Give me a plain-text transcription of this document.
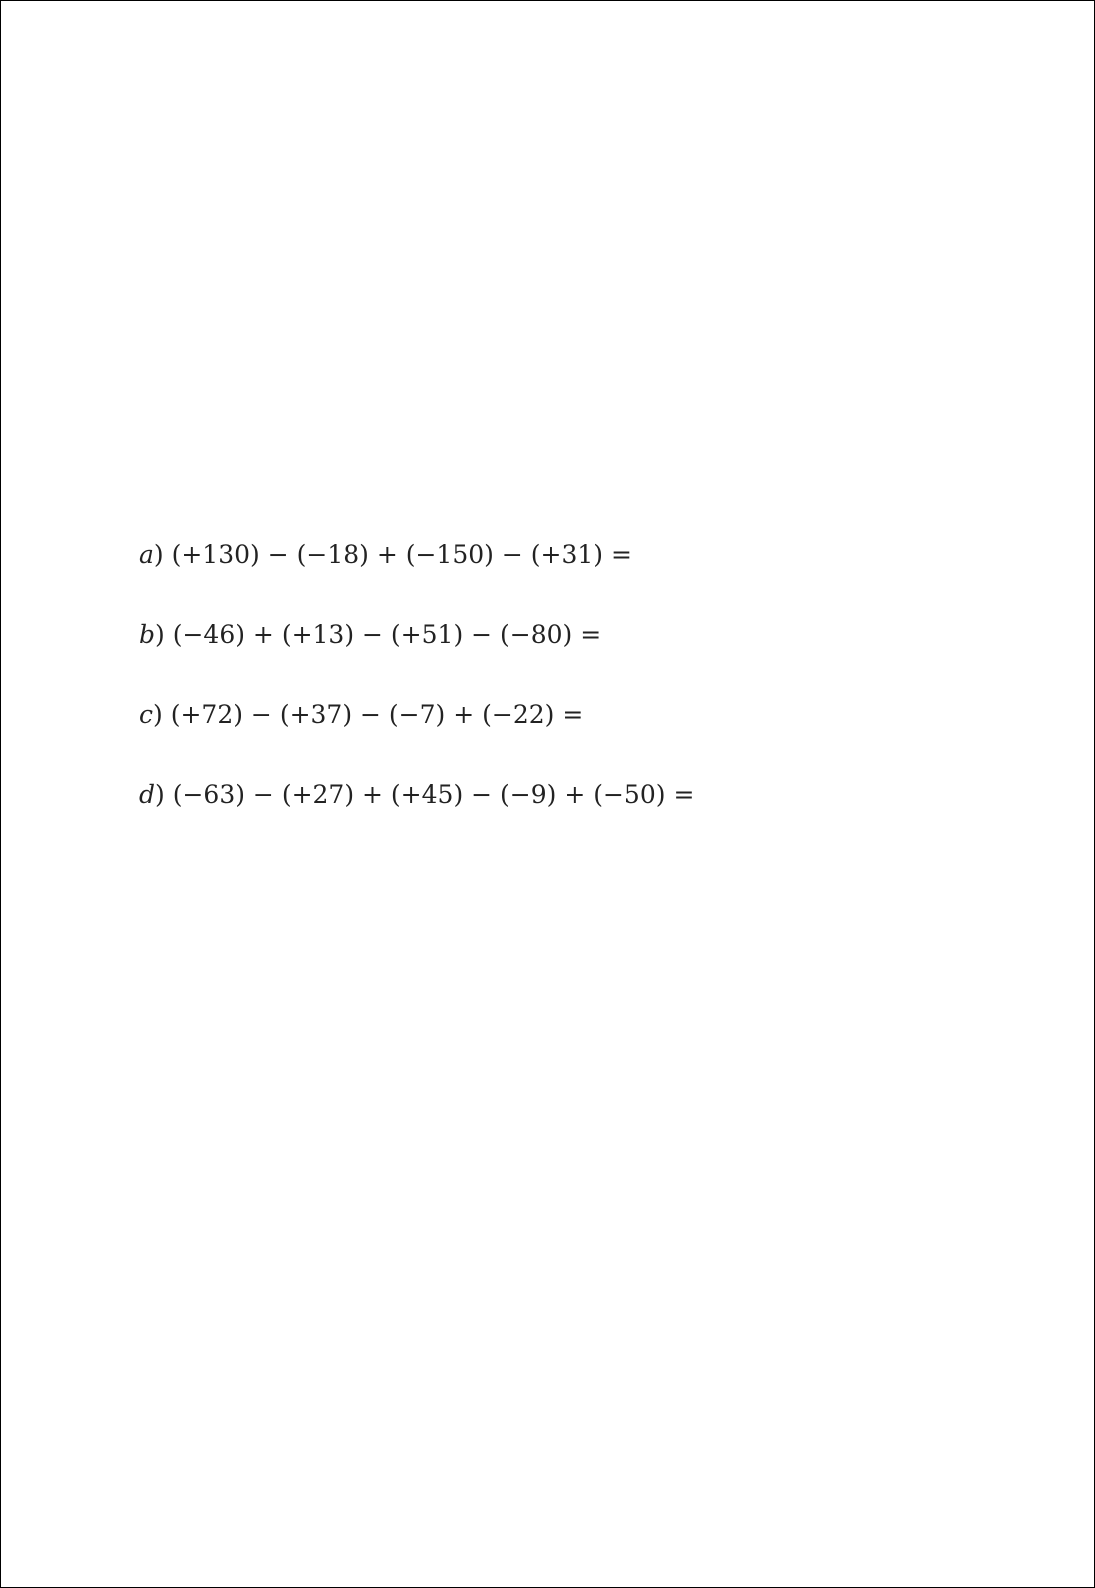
a ) (+130) − (−18) + (−150) − (+31) =
b ) (−46) + (+13) − (+51) − (−80) =
c ) (+72) − (+37) − (−7) + (−22) =
d ) (−63) − (+27) + (+45) − (−9) + (−50) =
